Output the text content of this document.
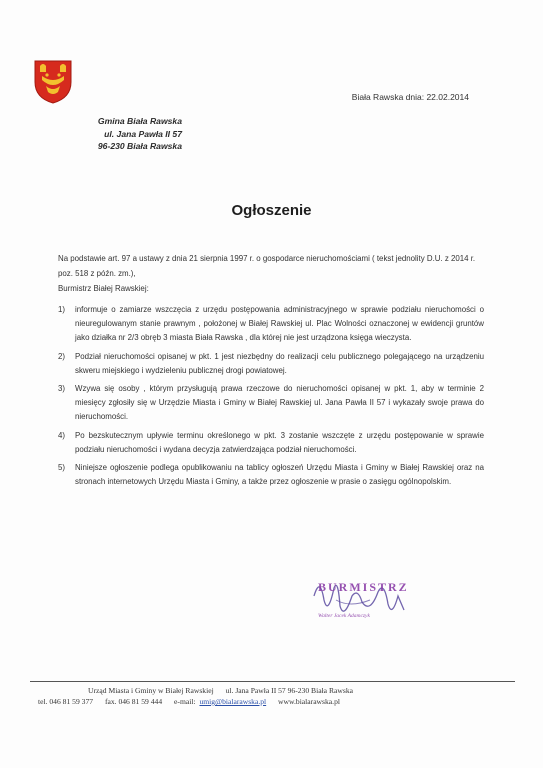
Biała Rawska dnia: 22.02.2014
Gmina Biała Rawska
ul. Jana Pawła II 57
96-230 Biała Rawska
Ogłoszenie
Na podstawie art. 97 a ustawy z dnia 21 sierpnia 1997 r. o gospodarce nieruchomościami ( tekst jednolity D.U. z 2014 r. poz. 518 z późn. zm.),
Burmistrz Białej Rawskiej:
1) informuje o zamiarze wszczęcia z urzędu postępowania administracyjnego w sprawie podziału nieruchomości o nieuregulowanym stanie prawnym , położonej w Białej Rawskiej ul. Plac Wolności oznaczonej w ewidencji gruntów jako działka nr 2/3 obręb 3 miasta Biała Rawska , dla której nie jest urządzona księga wieczysta.
2) Podział nieruchomości opisanej w pkt. 1 jest niezbędny do realizacji celu publicznego polegającego na urządzeniu skweru miejskiego i wydzieleniu publicznej drogi powiatowej.
3) Wzywa się osoby , którym przysługują prawa rzeczowe do nieruchomości opisanej w pkt. 1, aby w terminie 2 miesięcy zgłosiły się w Urzędzie Miasta i Gminy w Białej Rawskiej ul. Jana Pawła II 57 i wykazały swoje prawa do nieruchomości.
4) Po bezskutecznym upływie terminu określonego w pkt. 3 zostanie wszczęte z urzędu postępowanie w sprawie podziału nieruchomości i wydana decyzja zatwierdzająca podział nieruchomości.
5) Niniejsze ogłoszenie podlega opublikowaniu na tablicy ogłoszeń Urzędu Miasta i Gminy w Białej Rawskiej oraz na stronach internetowych Urzędu Miasta i Gminy, a także przez ogłoszenie w prasie o zasięgu ogólnopolskim.
BURMISTRZ
Walter Jacek Adamczyk
Urząd Miasta i Gminy w Białej Rawskiej ul. Jana Pawła II 57 96-230 Biała Rawska
tel. 046 81 59 377 fax. 046 81 59 444 e-mail: umig@bialarawska.pl www.bialarawska.pl
